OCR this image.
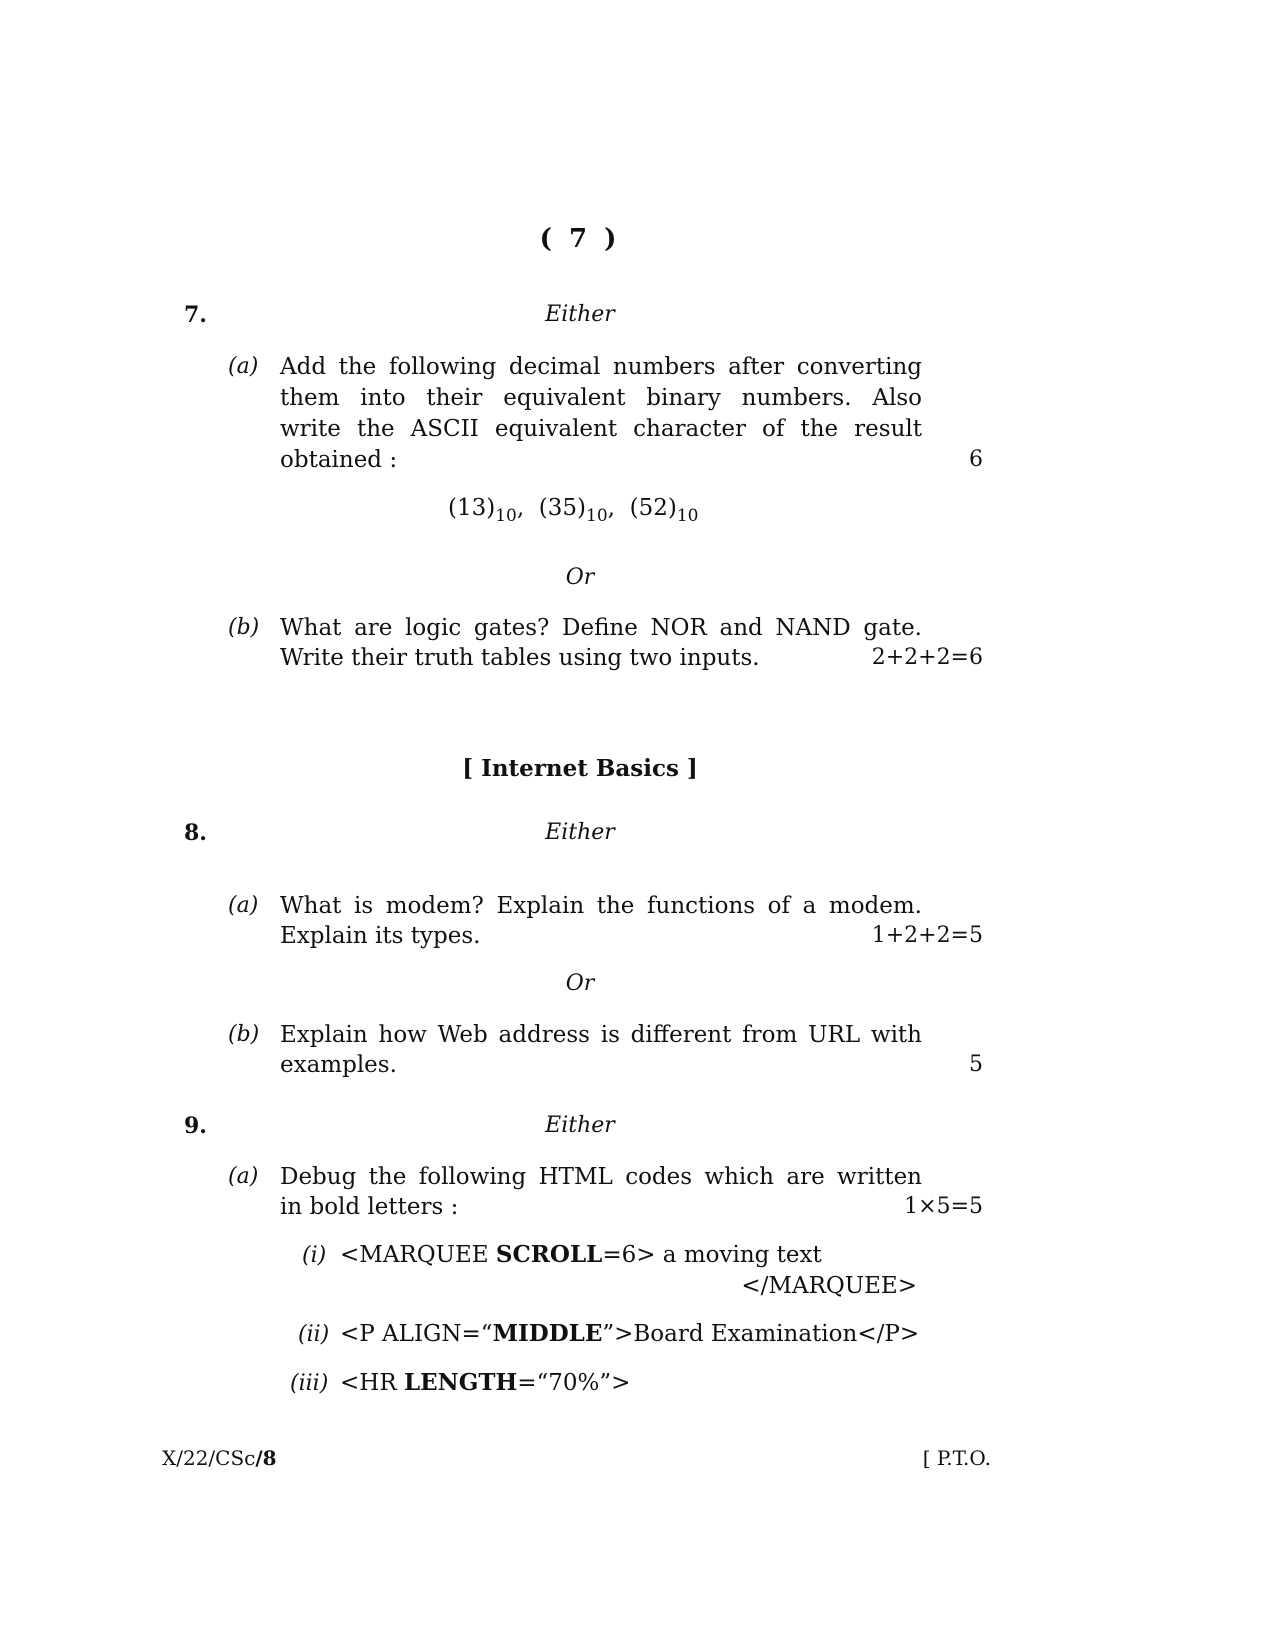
( 7 )
7.	Either
(a) Add the following decimal numbers after converting
them into their equivalent binary numbers. Also
write the ASCII equivalent character of the result
obtained :	6
$(13)_{10}$,  $(35)_{10}$,  $(52)_{10}$
Or
(b) What are logic gates? Define NOR and NAND gate.
Write their truth tables using two inputs.	2+2+2=6
[ Internet Basics ]
8.	Either
(a) What is modem? Explain the functions of a modem.
Explain its types.	1+2+2=5
Or
(b) Explain how Web address is different from URL with
examples.	5
9.	Either
(a) Debug the following HTML codes which are written
in bold letters :	1×5=5
(i) <MARQUEE SCROLL=6> a moving text
</MARQUEE>
(ii) <P ALIGN=“MIDDLE”>Board Examination</P>
(iii) <HR LENGTH=“70%”>
X/22/CSc/8	[ P.T.O.
